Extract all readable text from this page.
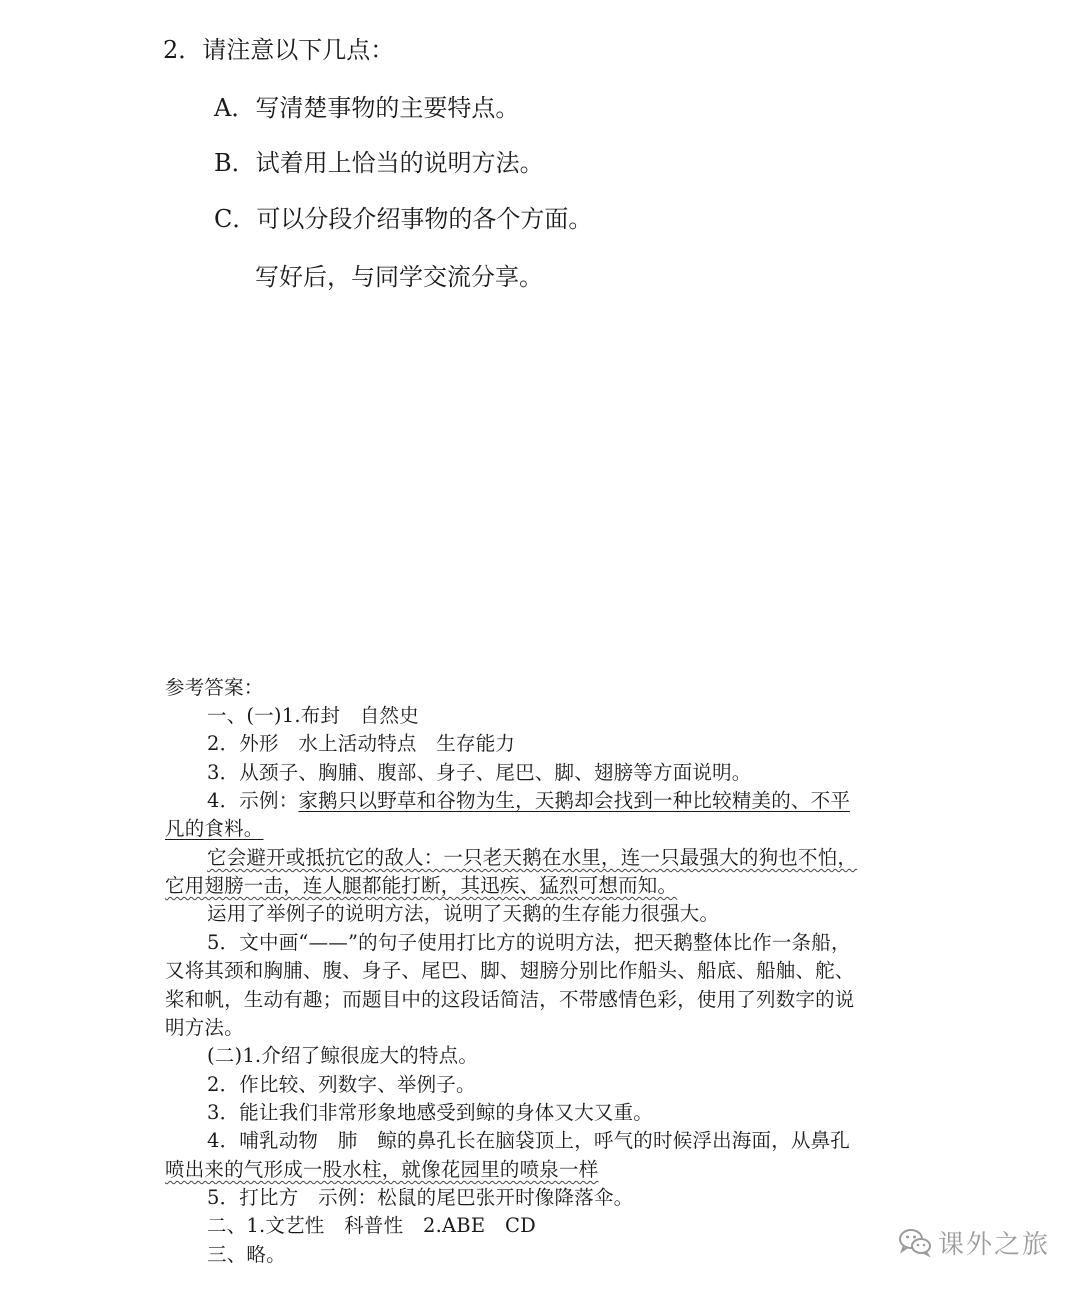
2．请注意以下几点：
A．写清楚事物的主要特点。
B．试着用上恰当的说明方法。
C．可以分段介绍事物的各个方面。
写好后，与同学交流分享。
参考答案：
一、(一)1.布封　自然史
2．外形　水上活动特点　生存能力
3．从颈子、胸脯、腹部、身子、尾巴、脚、翅膀等方面说明。
4．示例：家鹅只以野草和谷物为生，天鹅却会找到一种比较精美的、不平
凡的食料。
它会避开或抵抗它的敌人：一只老天鹅在水里，连一只最强大的狗也不怕，
它用翅膀一击，连人腿都能打断，其迅疾、猛烈可想而知。
运用了举例子的说明方法，说明了天鹅的生存能力很强大。
5．文中画“——”的句子使用打比方的说明方法，把天鹅整体比作一条船，
又将其颈和胸脯、腹、身子、尾巴、脚、翅膀分别比作船头、船底、船舳、舵、
桨和帆，生动有趣；而题目中的这段话简洁，不带感情色彩，使用了列数字的说
明方法。
(二)1.介绍了鲸很庞大的特点。
2．作比较、列数字、举例子。
3．能让我们非常形象地感受到鲸的身体又大又重。
4．哺乳动物　肺　鲸的鼻孔长在脑袋顶上，呼气的时候浮出海面，从鼻孔
喷出来的气形成一股水柱，就像花园里的喷泉一样
5．打比方　示例：松鼠的尾巴张开时像降落伞。
二、1.文艺性　科普性　2.ABE　CD
三、略。	课外之旅
